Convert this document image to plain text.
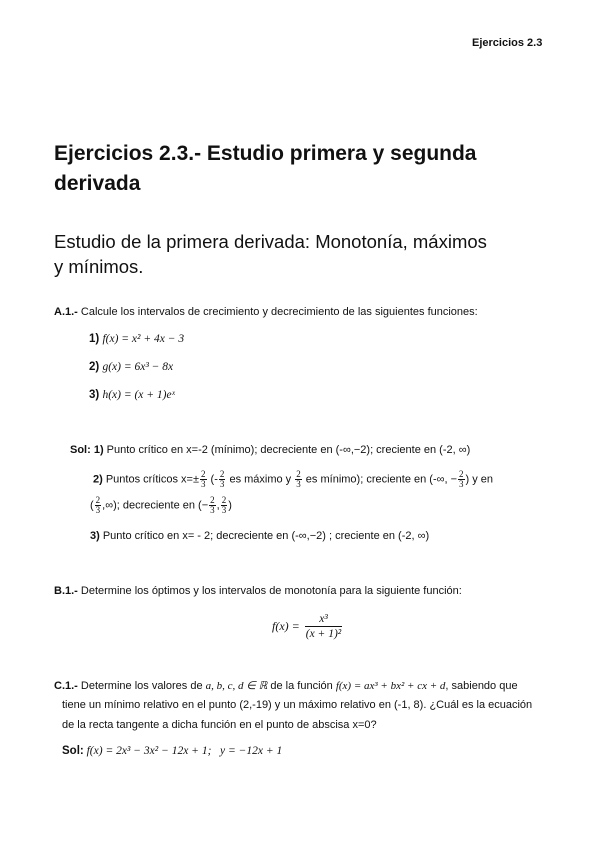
Ejercicios 2.3
Ejercicios 2.3.- Estudio primera y segunda
derivada
Estudio de la primera derivada: Monotonía, máximos
y mínimos.
A.1.- Calcule los intervalos de crecimiento y decrecimiento de las siguientes funciones:
1) f(x) = x² + 4x − 3
2) g(x) = 6x³ − 8x
3) h(x) = (x + 1)eˣ
Sol: 1) Punto crítico en x=-2 (mínimo); decreciente en (-∞,−2); creciente en (-2, ∞)
2) Puntos críticos $x=\pm \frac{2}{3}$ (- $\frac{2}{3}$ es máximo y $\frac{2}{3}$ es mínimo); creciente en (-∞, − $\frac{2}{3}$ ) y en
( $\frac{2}{3}$ ,∞); decreciente en (− $\frac{2}{3}$ , $\frac{2}{3}$ )
3) Punto crítico en x= - 2; decreciente en (-∞,−2) ; creciente en (-2, ∞)
B.1.- Determine los óptimos y los intervalos de monotonía para la siguiente función:
$f(x) = \frac{\text{x³}}{\text{(x + 1)²}}$
C.1.- Determine los valores de a, b, c, d ∈ ℝ de la función f(x) = ax³ + bx² + cx + d, sabiendo que
tiene un mínimo relativo en el punto (2,-19) y un máximo relativo en (-1, 8). ¿Cuál es la ecuación
de la recta tangente a dicha función en el punto de abscisa x=0?
Sol: f(x) = 2x³ − 3x² − 12x + 1;   y = −12x + 1
